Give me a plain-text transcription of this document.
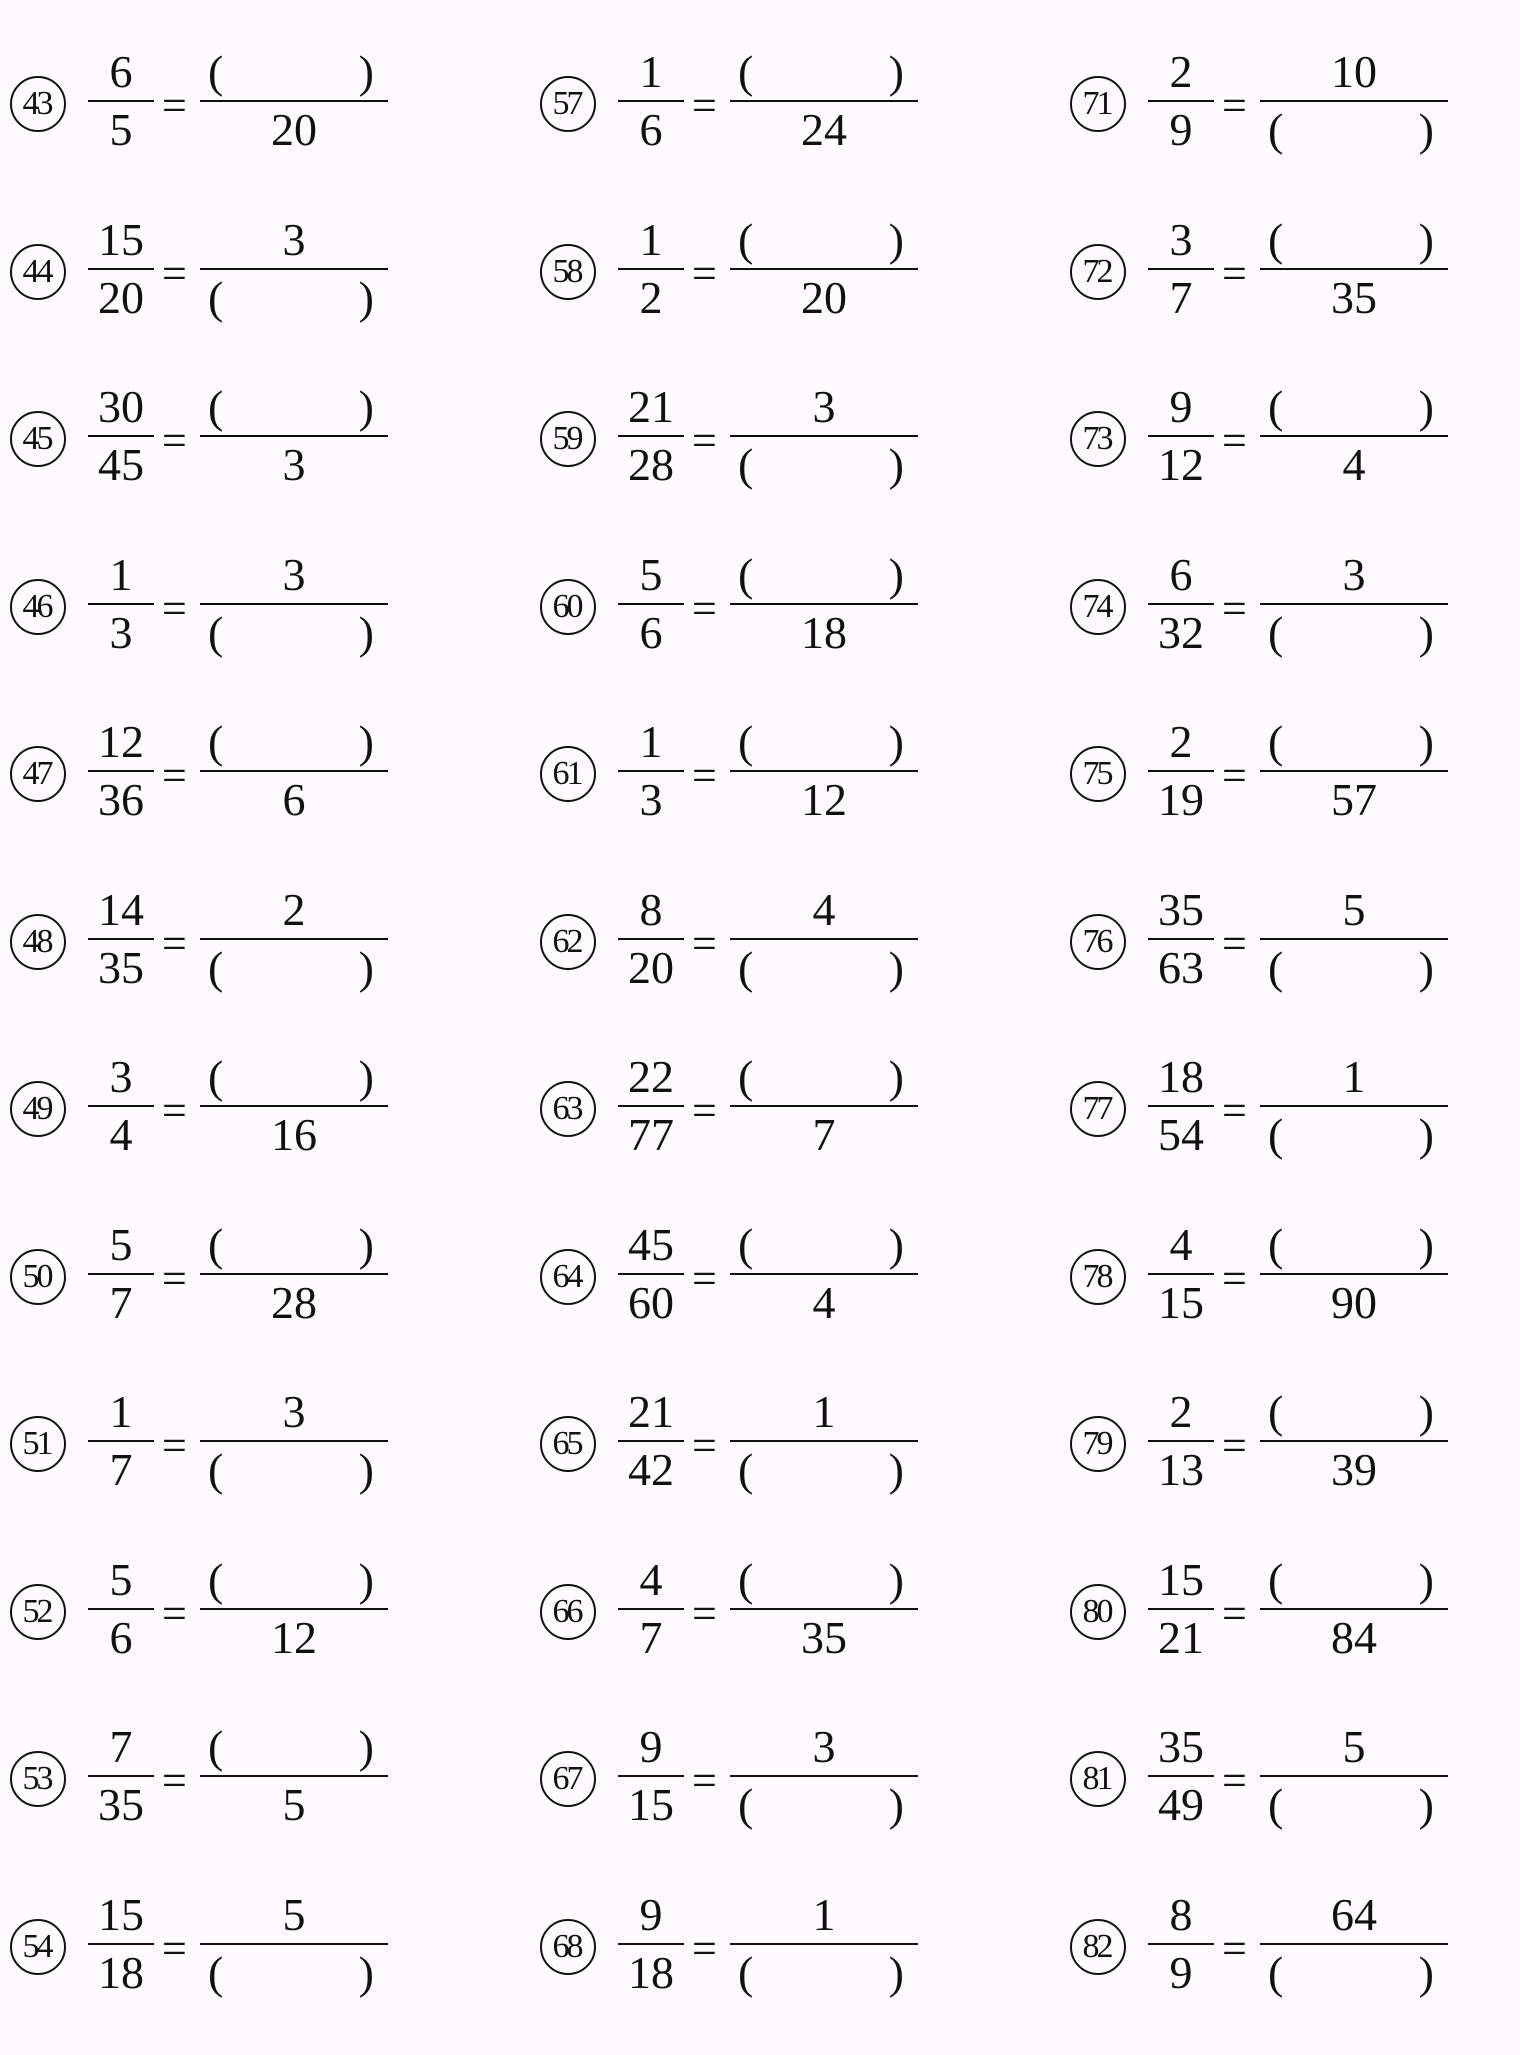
43
6
5 =
(	)
20
44
15
20 =
3
(	)
45
30
45 =
(	)
3
46
1
3 =
3
(	)
47
12
36 =
(	)
6
48
14
35 =
2
(	)
49
3
4 =
(	)
16
50
5
7 =
(	)
28
51
1
7 =
3
(	)
52
5
6 =
(	)
12
53
7
35 =
(	)
5
54
15
18 =
5
(	)
57
1
6 =
(	)
24
58
1
2 =
(	)
20
59
21
28 =
3
(	)
60
5
6 =
(	)
18
61
1
3 =
(	)
12
62
8
20 =
4
(	)
63
22
77 =
(	)
7
64
45
60 =
(	)
4
65
21
42 =
1
(	)
66
4
7 =
(	)
35
67
9
15 =
3
(	)
68
9
18 =
1
(	)
71
2
9 =
10
(	)
72
3
7 =
(	)
35
73
9
12 =
(	)
4
74
6
32 =
3
(	)
75
2
19 =
(	)
57
76
35
63 =
5
(	)
77
18
54 =
1
(	)
78
4
15 =
(	)
90
79
2
13 =
(	)
39
80
15
21 =
(	)
84
81
35
49 =
5
(	)
82
8
9 =
64
(	)
